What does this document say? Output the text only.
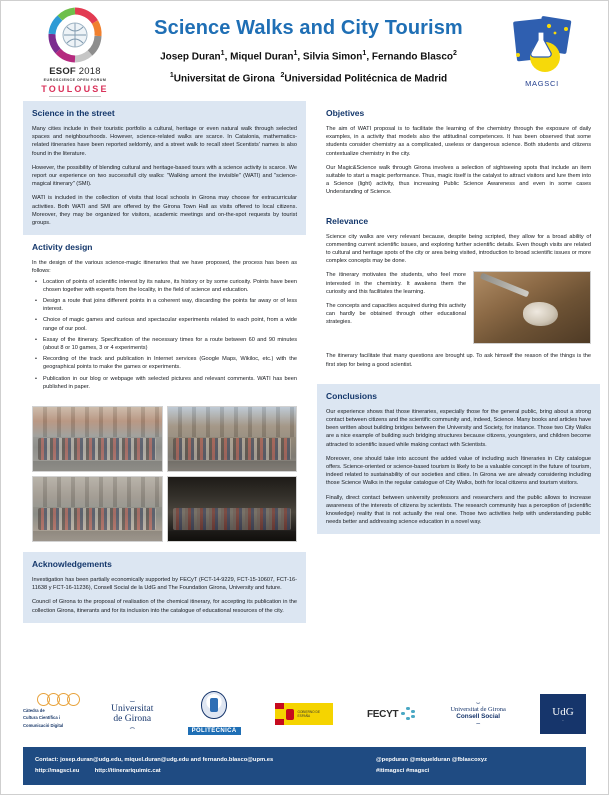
ESOF 2018
EUROSCIENCE OPEN FORUM
TOULOUSE
Science Walks and City Tourism
Josep Duran$^1$, Miquel Duran$^1$, Silvia Simon$^1$, Fernando Blasco$^2$
$^1$Universitat de Girona $^2$Universidad Politécnica de Madrid	MAGSCI
Science in the street

Many cities include in their touristic portfolio a cultural, heritage or even natural walk through selected spaces and neighbourhoods. However, science-related walks are scarce. In Catalonia, mathematics-related itineraries have been reported seldomly, and a street walk to recall steet Scentists' names is also found in the literature.

However, the possibility of blending cultural and heritage-based tours with a science activity is scarce. We report our experience on two successfull city walks: "Walking amont the invisible" (WATI) and "science-magical itinerary" (SMI).

WATI is included in the collection of visits that local schools in Girona may choose for extracurricular activities. Both WATI and SMI are offered by the Girona Town Hall as visits offered to local citizens. Moreover, they may be organized for visitors, academic meetings and on-the-spot requests by tourist groups.

Activity design

In the design of the various science-magic itineraries that we have proposed, the process has been as follows:

• Location of points of scientific interest by its nature, its history or by some curiosity. Points have been chosen together with experts from the locality, in the field of science and education.
• Design a route that joins different points in a coherent way, discarding the points far away or of less interest.
• Choice of magic games and curious and spectacular experiments related to each point, from a wide range of our pool.
• Essay of the itinerary. Specification of the necessary times for a route between 60 and 90 minutes (about 8 or 10 games, 3 or 4 experiments)
• Recording of the track and publication in Internet services (Google Maps, Wikiloc, etc.) with the geographical points to make the games or experiments.
• Publication in our blog or webpage with selected pictures and relevant comments. WATI has been published in paper.
Acknowledgements

Investigation has been partially economically supported by FECyT (FCT-14-9229, FCT-15-10607, FCT-16-11638 y FCT-16-11236), Consell Social de la UdG and The Foundation Girona, University and future.

Council of Girona to the proposal of realisation of the chemical itinerary, for accepting its publication in the collection Girona, itinerants and for its inclusion into the catalogue of educational resources of the city.

Objetives

The aim of WATI proposal is to facilitate the learning of the chemistry through the exposure of daily examples, in a activity that models also the attitudinal competences. It has been observed that some students consider chemistry as a complicated, useless or dangerous science. Both students and citizens contextualize chemistry in the city.

Our Magic&Science walk through Girona involves a selection of sightseeing spots that include an item suitable to start a magic performance. Thus, magic itself is the catalyst to attract visitors and lure them into a Science (light) activity, thus increasing Public Science Awareness and even in some cases Understanding of Science.

Relevance

Science city walks are very relevant because, despite being scripted, they allow for a broad ability of commenting current scientific issues, and exploring further scientific details. Even though visits are related to cultural and heritage spots of the city or area being visited, introduction to broad scientific issues or more complex concepts may be done.

The itinerary motivates the students, who feel more interested in the chemistry. It awakens them the curiosity and this facilitates the learning.

The concepts and capacities acquired during this activity can hardly be obtained through other educational strategies.

The itinerary facilitate that many questions are brought up. To ask himself the reason of the things is the first step for being a good scientist.

Conclusions

Our experience shows that those itineraries, especially those for the general public, bring about a strong contact between citizens and the scientific community and, indeed, Science. Many books and articles have been written about building bridges between the University and Society, for instance. Those two City Walks are a nice example of building such bridging structures because citizens, youngsters, and children become attracted to scientific issued while making contact with Scientists.

Moreover, one should take into account the added value of including such Itineraries in City catalogue offers. Science-oriented or science-based tourism is likely to be a valuable concept in the future of tourism, indeed related to sustainability of our societies and cities. In Girona we are already considering including those Science Walks in the regular catalogue of City Walks, both for local citizens and tourism visitors.

Finally, direct contact between university professors and researchers and the public allows to increase awareness of the interests of citizens by scientists. The research community has a perception of (scientific knowledge) reality that is not actually the real one. Those two activities help with understanding public needs better and addressing science education in a novel way.

Càtedra de
Cultura Científica i
Comunicació Digital
⌣
Universitat
de Girona
⌢	POLITÉCNICA
GOBIERNO DE ESPAÑA	FECYT
⌣
Universitat de Girona
Consell Social
⌢
UdG
⌣
Contact: josep.duran@udg.edu, miquel.duran@udg.edu and fernando.blasco@upm.es
http://magsci.eu	http://itinerariquimic.cat
@pepduran @miquelduran @fblascoxyz
#itimagsci #magsci
